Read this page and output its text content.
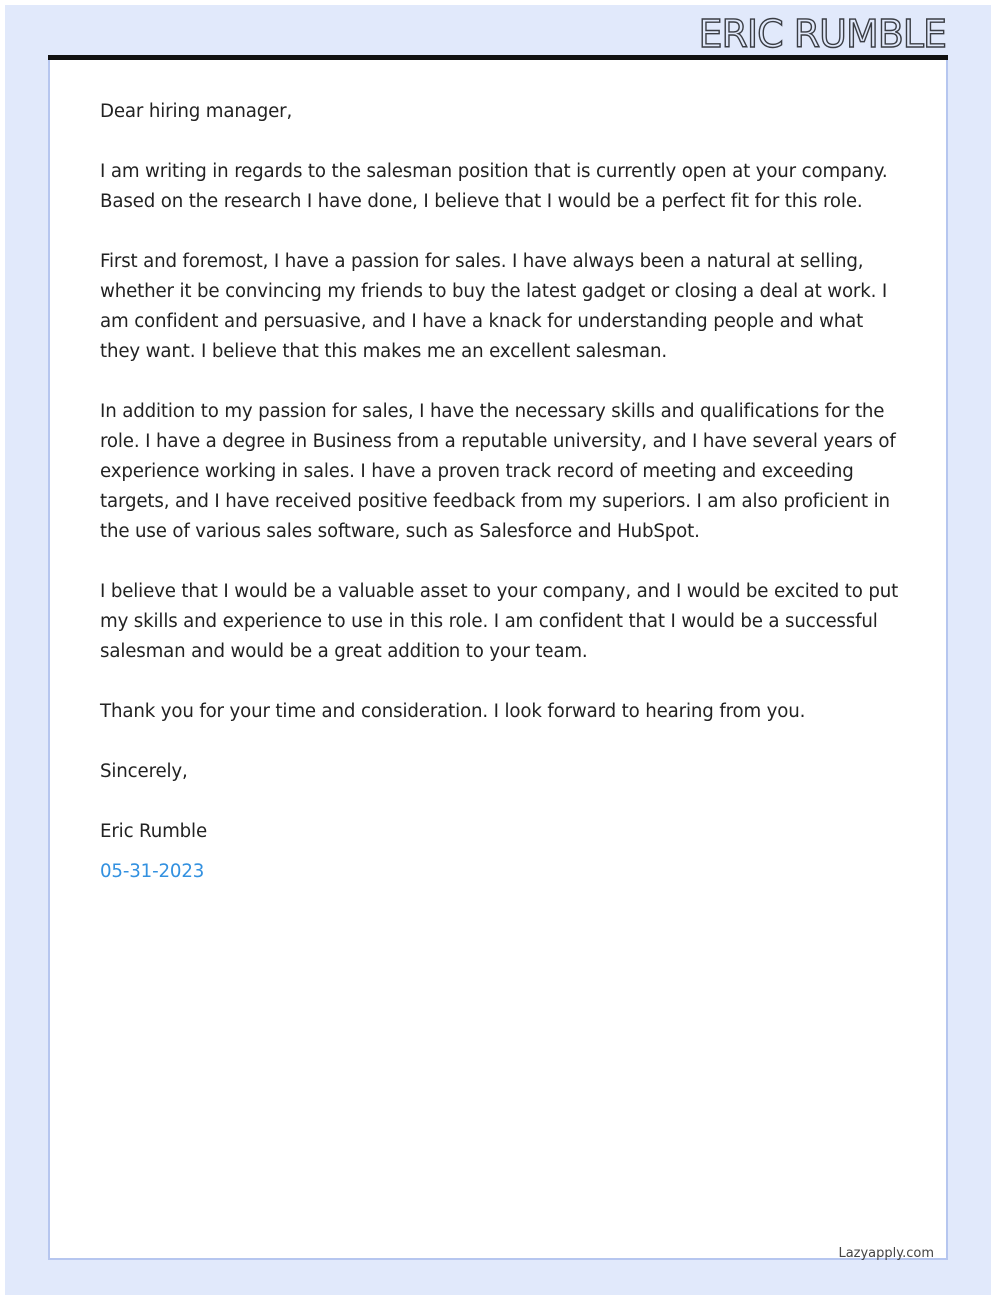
ERIC RUMBLE

Dear hiring manager,

I am writing in regards to the salesman position that is currently open at your company. Based on the research I have done, I believe that I would be a perfect fit for this role.

First and foremost, I have a passion for sales. I have always been a natural at selling, whether it be convincing my friends to buy the latest gadget or closing a deal at work. I am confident and persuasive, and I have a knack for understanding people and what they want. I believe that this makes me an excellent salesman.

In addition to my passion for sales, I have the necessary skills and qualifications for the role. I have a degree in Business from a reputable university, and I have several years of experience working in sales. I have a proven track record of meeting and exceeding targets, and I have received positive feedback from my superiors. I am also proficient in the use of various sales software, such as Salesforce and HubSpot.

I believe that I would be a valuable asset to your company, and I would be excited to put my skills and experience to use in this role. I am confident that I would be a successful salesman and would be a great addition to your team.

Thank you for your time and consideration. I look forward to hearing from you.

Sincerely,

Eric Rumble

05-31-2023

Lazyapply.com
